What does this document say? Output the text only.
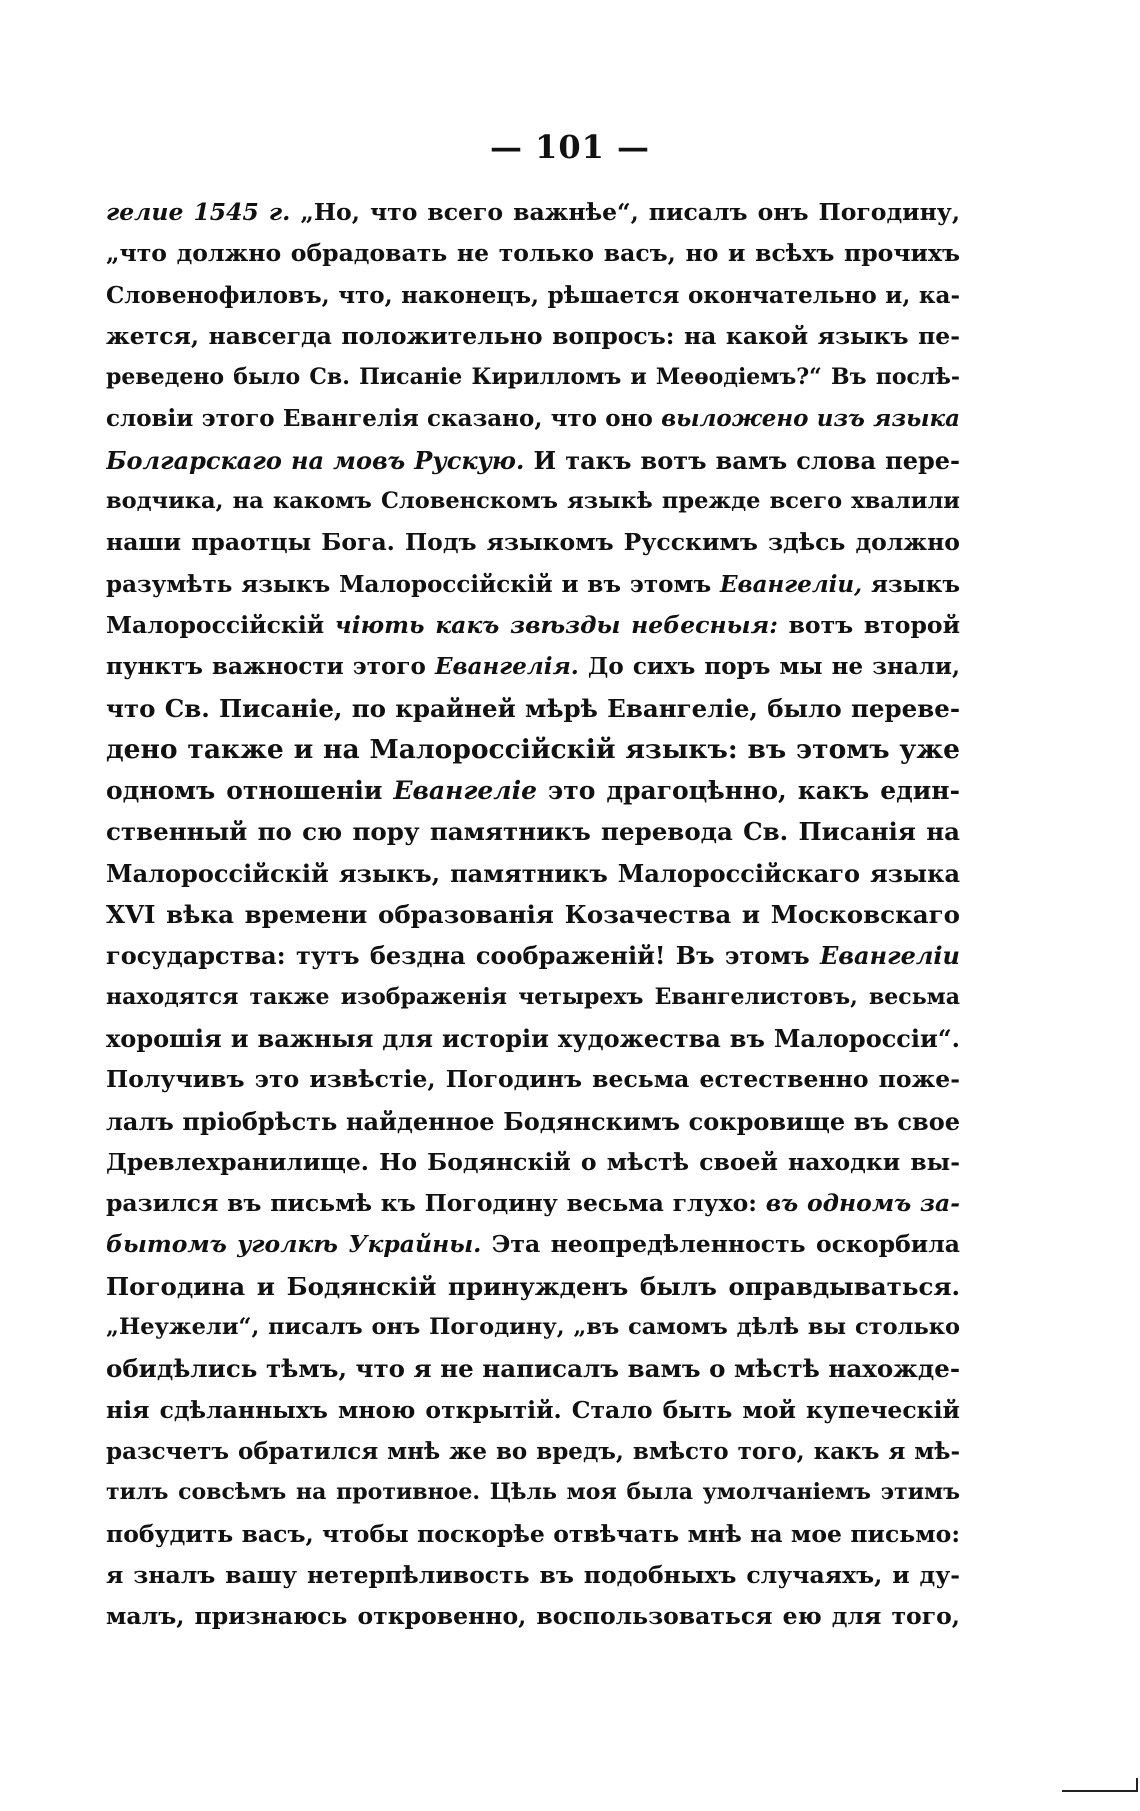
— 101 —
гелие 1545 г. „Но, что всего важнѣе“, писалъ онъ Погодину,
„что должно обрадовать не только васъ, но и всѣхъ прочихъ
Словенофиловъ, что, наконецъ, рѣшается окончательно и, ка-
жется, навсегда положительно вопросъ: на какой языкъ пе-
реведено было Св. Писаніе Кирилломъ и Меѳодіемъ?“ Въ послѣ-
словіи этого Евангелія сказано, что оно выложено изъ языка
Болгарскаго на мовъ Рускую. И такъ вотъ вамъ слова пере-
водчика, на какомъ Словенскомъ языкѣ прежде всего хвалили
наши праотцы Бога. Подъ языкомъ Русскимъ здѣсь должно
разумѣть языкъ Малороссійскій и въ этомъ Евангеліи, языкъ
Малороссійскій чіють какъ звѣзды небесныя: вотъ второй
пунктъ важности этого Евангелія. До сихъ поръ мы не знали,
что Св. Писаніе, по крайней мѣрѣ Евангеліе, было переве-
дено также и на Малороссійскій языкъ: въ этомъ уже
одномъ отношеніи Евангеліе это драгоцѣнно, какъ един-
ственный по сю пору памятникъ перевода Св. Писанія на
Малороссійскій языкъ, памятникъ Малороссійскаго языка
XVI вѣка времени образованія Козачества и Московскаго
государства: тутъ бездна соображеній! Въ этомъ Евангеліи
находятся также изображенія четырехъ Евангелистовъ, весьма
хорошія и важныя для исторіи художества въ Малороссіи“.
Получивъ это извѣстіе, Погодинъ весьма естественно поже-
лалъ пріобрѣсть найденное Бодянскимъ сокровище въ свое
Древлехранилище. Но Бодянскій о мѣстѣ своей находки вы-
разился въ письмѣ къ Погодину весьма глухо: въ одномъ за-
бытомъ уголкѣ Украйны. Эта неопредѣленность оскорбила
Погодина и Бодянскій принужденъ былъ оправдываться.
„Неужели“, писалъ онъ Погодину, „въ самомъ дѣлѣ вы столько
обидѣлись тѣмъ, что я не написалъ вамъ о мѣстѣ нахожде-
нія сдѣланныхъ мною открытій. Стало быть мой купеческій
разсчетъ обратился мнѣ же во вредъ, вмѣсто того, какъ я мѣ-
тилъ совсѣмъ на противное. Цѣль моя была умолчаніемъ этимъ
побудить васъ, чтобы поскорѣе отвѣчать мнѣ на мое письмо:
я зналъ вашу нетерпѣливость въ подобныхъ случаяхъ, и ду-
малъ, признаюсь откровенно, воспользоваться ею для того,
